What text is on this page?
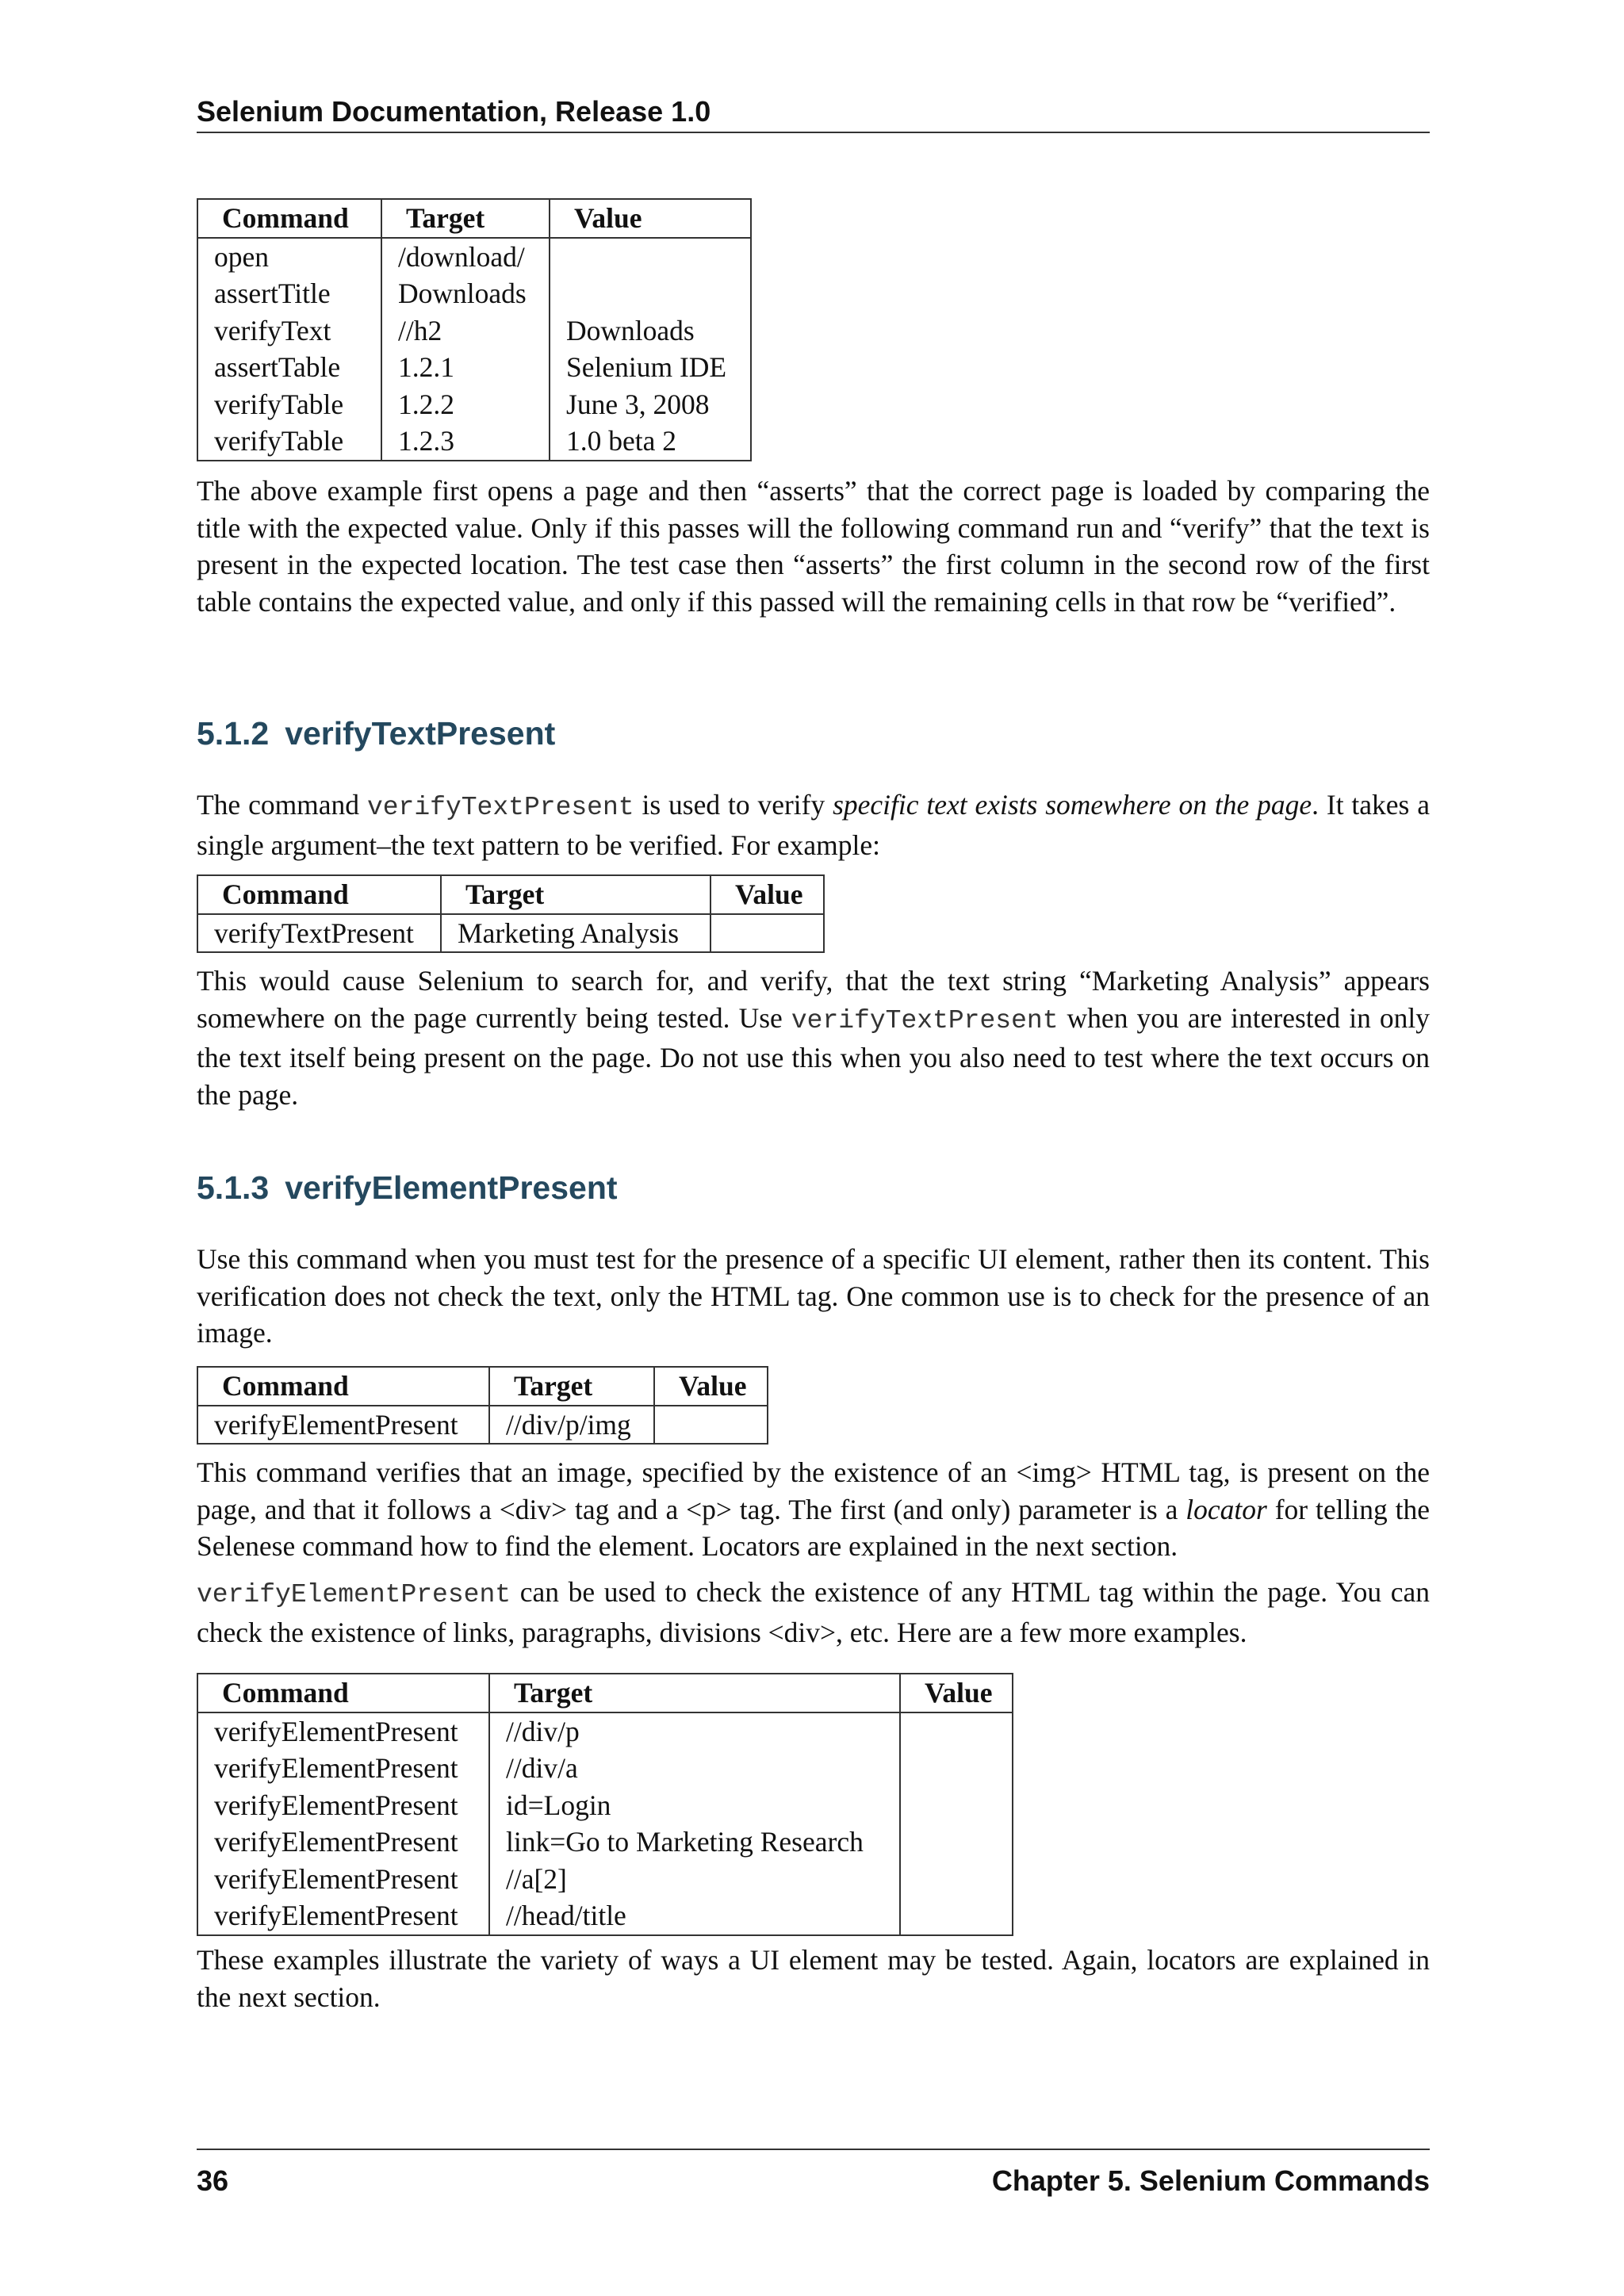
Selenium Documentation, Release 1.0
Command	Target	Value
open	/download/	
assertTitle	Downloads	
verifyText	//h2	Downloads
assertTable	1.2.1	Selenium IDE
verifyTable	1.2.2	June 3, 2008
verifyTable	1.2.3	1.0 beta 2

The above example first opens a page and then “asserts” that the correct page is loaded by comparing the title with the expected value. Only if this passes will the following command run and “verify” that the text is present in the expected location. The test case then “asserts” the first column in the second row of the first table contains the expected value, and only if this passed will the remaining cells in that row be “verified”.

5.1.2 verifyTextPresent

The command verifyTextPresent is used to verify specific text exists somewhere on the page. It takes a single argument–the text pattern to be verified. For example:

Command	Target	Value
verifyTextPresent	Marketing Analysis	

This would cause Selenium to search for, and verify, that the text string “Marketing Analysis” appears somewhere on the page currently being tested. Use verifyTextPresent when you are interested in only the text itself being present on the page. Do not use this when you also need to test where the text occurs on the page.

5.1.3 verifyElementPresent

Use this command when you must test for the presence of a specific UI element, rather then its content. This verification does not check the text, only the HTML tag. One common use is to check for the presence of an image.

Command	Target	Value
verifyElementPresent	//div/p/img	

This command verifies that an image, specified by the existence of an <img> HTML tag, is present on the page, and that it follows a <div> tag and a <p> tag. The first (and only) parameter is a locator for telling the Selenese command how to find the element. Locators are explained in the next section.

verifyElementPresent can be used to check the existence of any HTML tag within the page. You can check the existence of links, paragraphs, divisions <div>, etc. Here are a few more examples.

Command	Target	Value
verifyElementPresent	//div/p	
verifyElementPresent	//div/a	
verifyElementPresent	id=Login	
verifyElementPresent	link=Go to Marketing Research	
verifyElementPresent	//a[2]	
verifyElementPresent	//head/title	

These examples illustrate the variety of ways a UI element may be tested. Again, locators are explained in the next section.

36	Chapter 5. Selenium Commands
